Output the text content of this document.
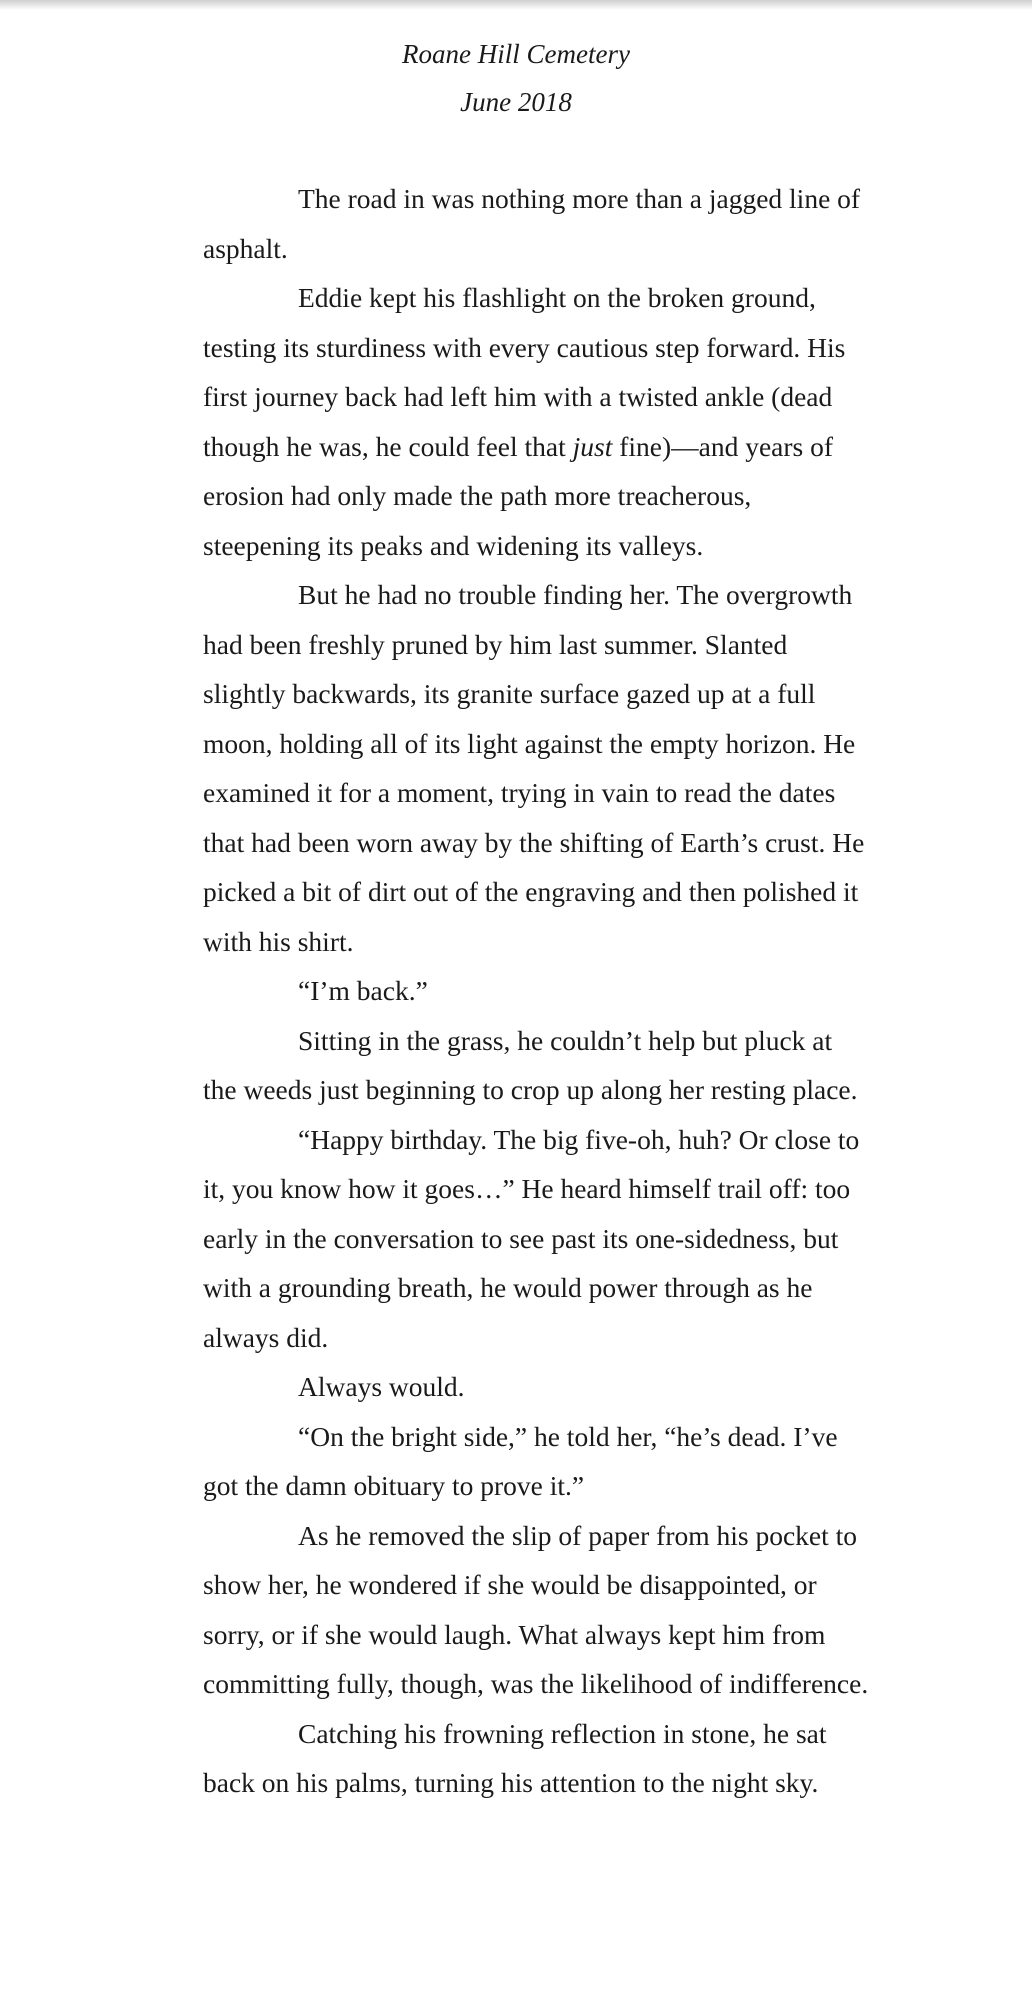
Roane Hill Cemetery
June 2018

The road in was nothing more than a jagged line of asphalt.

Eddie kept his flashlight on the broken ground, testing its sturdiness with every cautious step forward. His first journey back had left him with a twisted ankle (dead though he was, he could feel that just fine)—and years of erosion had only made the path more treacherous, steepening its peaks and widening its valleys.

But he had no trouble finding her. The overgrowth had been freshly pruned by him last summer. Slanted slightly backwards, its granite surface gazed up at a full moon, holding all of its light against the empty horizon. He examined it for a moment, trying in vain to read the dates that had been worn away by the shifting of Earth’s crust. He picked a bit of dirt out of the engraving and then polished it with his shirt.

“I’m back.”

Sitting in the grass, he couldn’t help but pluck at the weeds just beginning to crop up along her resting place.

“Happy birthday. The big five-oh, huh? Or close to it, you know how it goes…” He heard himself trail off: too early in the conversation to see past its one-sidedness, but with a grounding breath, he would power through as he always did.

Always would.

“On the bright side,” he told her, “he’s dead. I’ve got the damn obituary to prove it.”

As he removed the slip of paper from his pocket to show her, he wondered if she would be disappointed, or sorry, or if she would laugh. What always kept him from committing fully, though, was the likelihood of indifference.

Catching his frowning reflection in stone, he sat back on his palms, turning his attention to the night sky.
